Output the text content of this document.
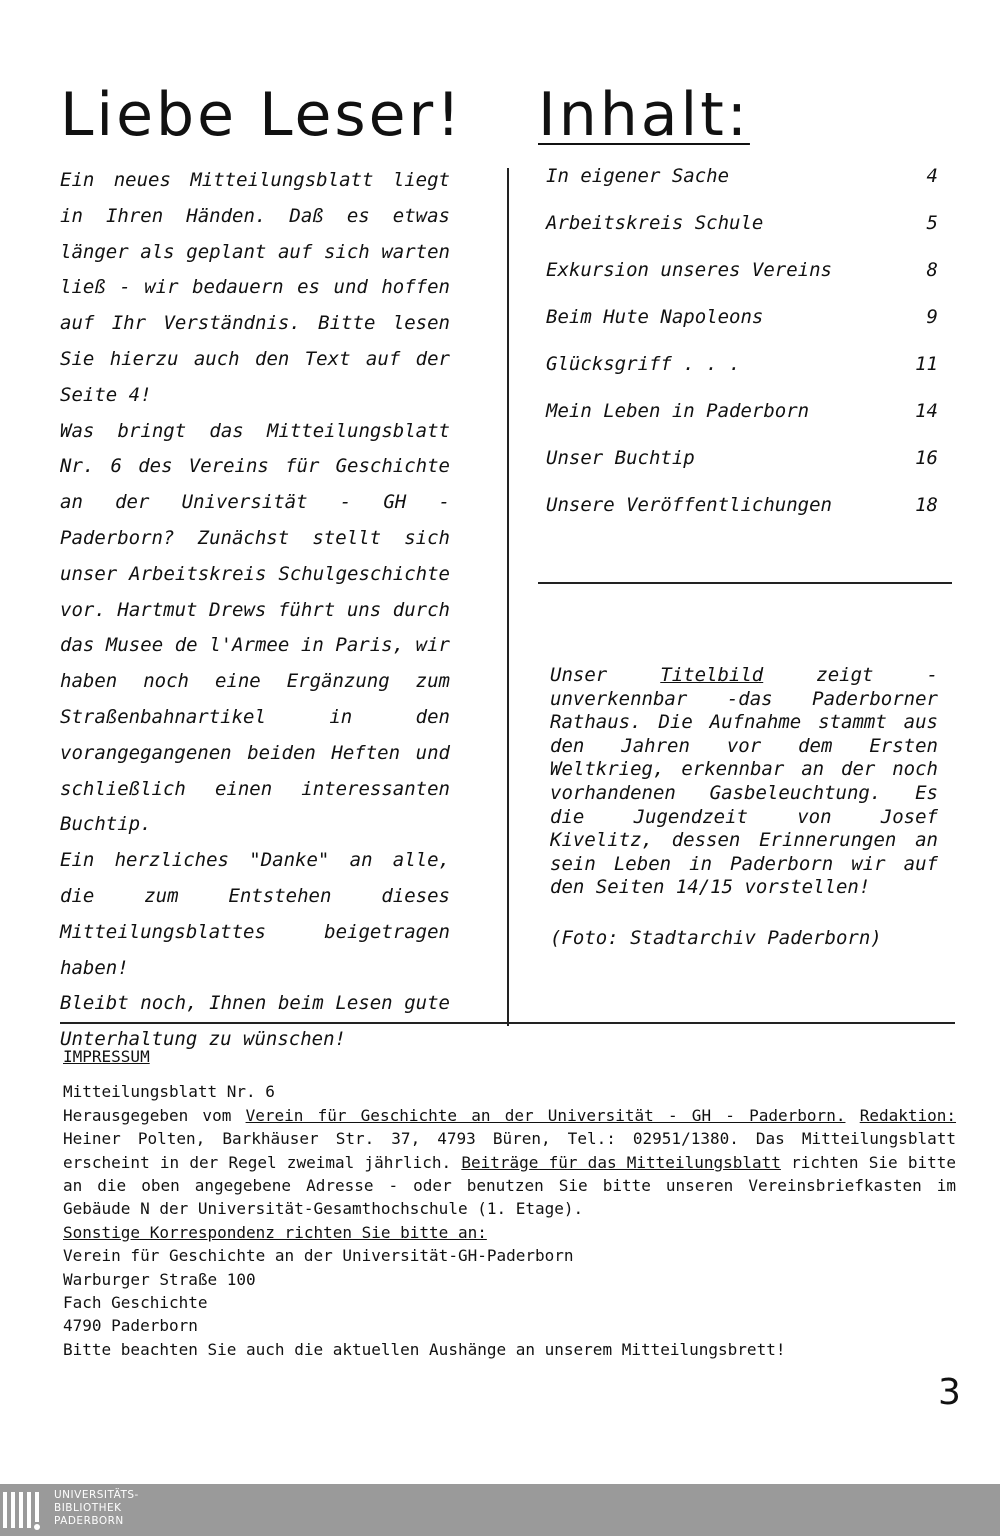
Liebe Leser! Inhalt:

Ein neues Mitteilungsblatt liegt in Ihren Händen. Daß es etwas länger als geplant auf sich warten ließ - wir bedauern es und hoffen auf Ihr Verständnis. Bitte lesen Sie hierzu auch den Text auf der Seite 4!

Was bringt das Mitteilungsblatt Nr. 6 des Vereins für Geschichte an der Universität - GH - Paderborn? Zunächst stellt sich unser Arbeitskreis Schulgeschichte vor. Hartmut Drews führt uns durch das Musee de l'Armee in Paris, wir haben noch eine Ergänzung zum Straßenbahnartikel in den vorangegangenen beiden Heften und schließlich einen interessanten Buchtip.

Ein herzliches "Danke" an alle, die zum Entstehen dieses Mitteilungsblattes beigetragen haben!

Bleibt noch, Ihnen beim Lesen gute Unterhaltung zu wünschen!

In eigener Sache	4
Arbeitskreis Schule	5
Exkursion unseres Vereins	8
Beim Hute Napoleons	9
Glücksgriff . . .	11
Mein Leben in Paderborn	14
Unser Buchtip	16
Unsere Veröffentlichungen	18

Unser	Titelbild	zeigt - unverkennbar -das Paderborner Rathaus. Die Aufnahme stammt aus den Jahren vor dem Ersten Weltkrieg, erkennbar an der noch vorhandenen Gasbeleuchtung. Es die Jugendzeit von Josef Kivelitz, dessen Erinnerungen an sein Leben in Paderborn wir auf den Seiten 14/15 vorstellen!

(Foto: Stadtarchiv Paderborn)

IMPRESSUM

Mitteilungsblatt Nr. 6

Herausgegeben vom Verein für Geschichte an der Universität - GH - Paderborn. Redaktion: Heiner Polten, Barkhäuser Str. 37, 4793 Büren, Tel.: 02951/1380. Das Mitteilungsblatt erscheint in der Regel zweimal jährlich. Beiträge für das Mitteilungsblatt richten Sie bitte an die oben angegebene Adresse - oder benutzen Sie bitte unseren Vereinsbriefkasten im Gebäude N der Universität-Gesamthochschule (1. Etage).

Sonstige Korrespondenz richten Sie bitte an:

Verein für Geschichte an der Universität-GH-Paderborn

Warburger Straße 100

Fach Geschichte

4790 Paderborn

Bitte beachten Sie auch die aktuellen Aushänge an unserem Mitteilungsbrett!

3
UNIVERSITÄTS-
BIBLIOTHEK
PADERBORN
